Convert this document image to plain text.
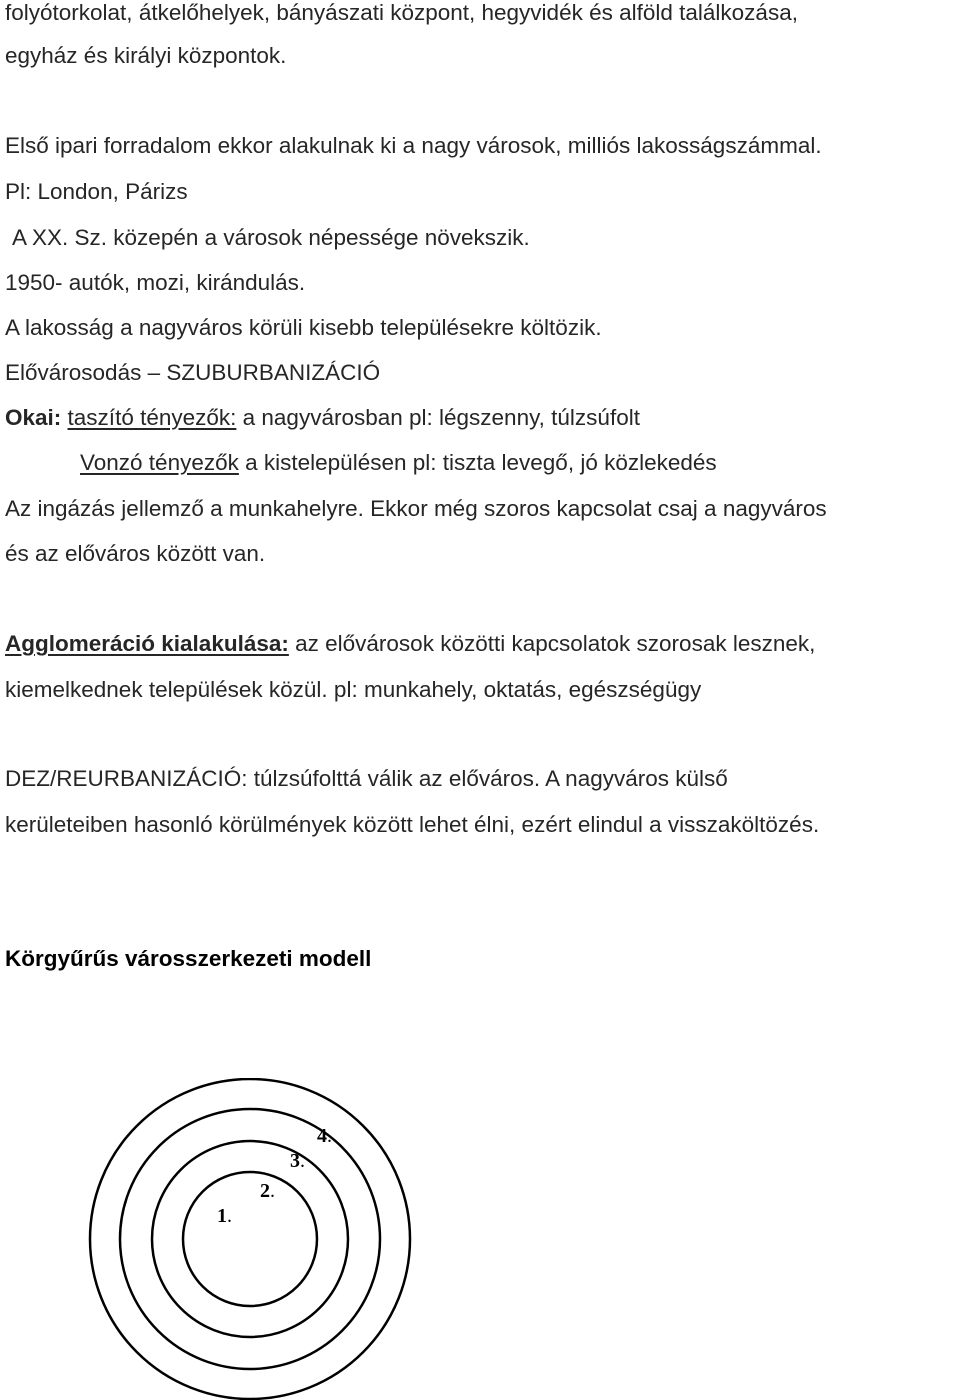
folyótorkolat, átkelőhelyek, bányászati központ, hegyvidék és alföld találkozása,
egyház és királyi központok.
Első ipari forradalom ekkor alakulnak ki a nagy városok, milliós lakosságszámmal.
Pl: London, Párizs
A XX. Sz. közepén a városok népessége növekszik.
1950- autók, mozi, kirándulás.
A lakosság a nagyváros körüli kisebb településekre költözik.
Elővárosodás – SZUBURBANIZÁCIÓ
Okai: taszító tényezők: a nagyvárosban pl: légszenny, túlzsúfolt
Vonzó tényezők a kistelepülésen pl: tiszta levegő, jó közlekedés
Az ingázás jellemző a munkahelyre. Ekkor még szoros kapcsolat csaj a nagyváros
és az előváros között van.
Agglomeráció kialakulása: az elővárosok közötti kapcsolatok szorosak lesznek,
kiemelkednek települések közül. pl: munkahely, oktatás, egészségügy
DEZ/REURBANIZÁCIÓ: túlzsúfolttá válik az előváros. A nagyváros külső
kerületeiben hasonló körülmények között lehet élni, ezért elindul a visszaköltözés.
Körgyűrűs városszerkezeti modell
1.
2.
3.
4.
